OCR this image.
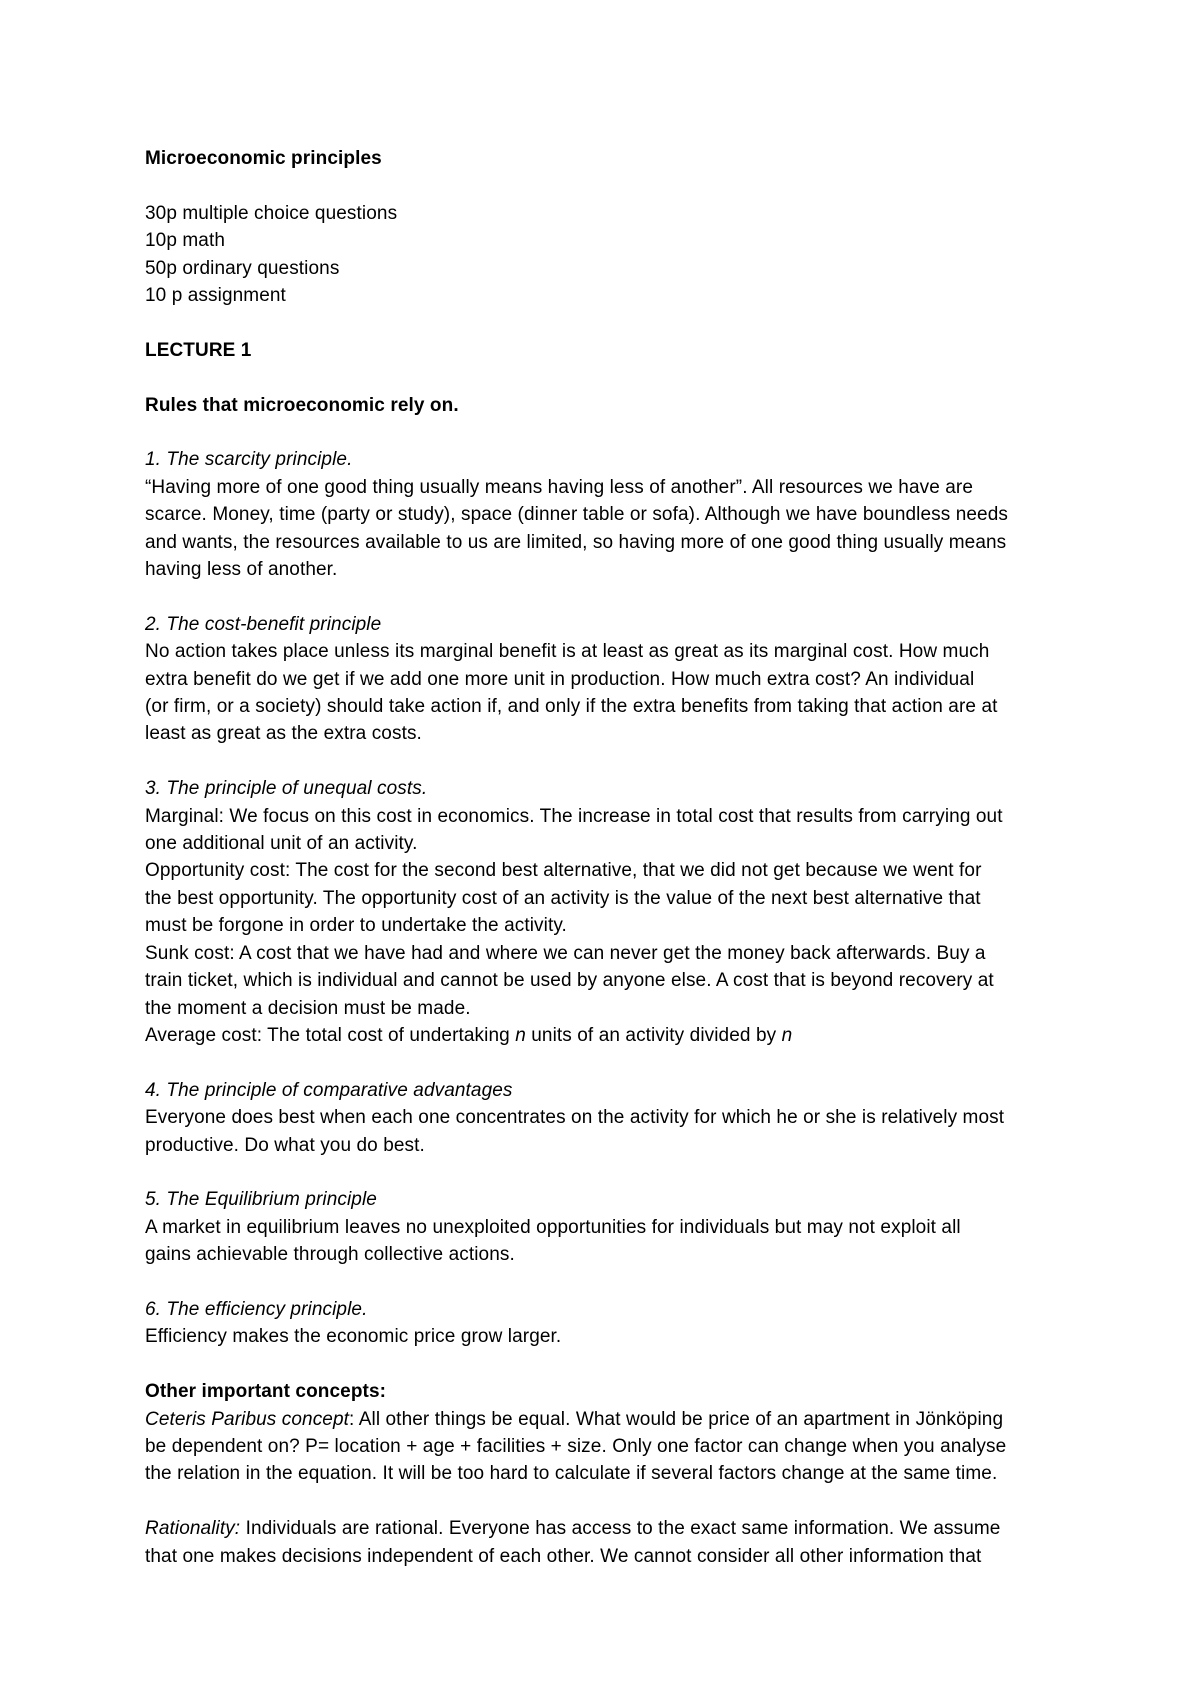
Microeconomic principles
30p multiple choice questions
10p math
50p ordinary questions
10 p assignment
LECTURE 1
Rules that microeconomic rely on.
1. The scarcity principle.
“Having more of one good thing usually means having less of another”. All resources we have are
scarce. Money, time (party or study), space (dinner table or sofa). Although we have boundless needs
and wants, the resources available to us are limited, so having more of one good thing usually means
having less of another.
2. The cost-benefit principle
No action takes place unless its marginal benefit is at least as great as its marginal cost. How much
extra benefit do we get if we add one more unit in production. How much extra cost? An individual
(or firm, or a society) should take action if, and only if the extra benefits from taking that action are at
least as great as the extra costs.
3. The principle of unequal costs.
Marginal: We focus on this cost in economics. The increase in total cost that results from carrying out
one additional unit of an activity.
Opportunity cost: The cost for the second best alternative, that we did not get because we went for
the best opportunity. The opportunity cost of an activity is the value of the next best alternative that
must be forgone in order to undertake the activity.
Sunk cost: A cost that we have had and where we can never get the money back afterwards. Buy a
train ticket, which is individual and cannot be used by anyone else. A cost that is beyond recovery at
the moment a decision must be made.
Average cost: The total cost of undertaking n units of an activity divided by n
4. The principle of comparative advantages
Everyone does best when each one concentrates on the activity for which he or she is relatively most
productive. Do what you do best.
5. The Equilibrium principle
A market in equilibrium leaves no unexploited opportunities for individuals but may not exploit all
gains achievable through collective actions.
6. The efficiency principle.
Efficiency makes the economic price grow larger.
Other important concepts:
Ceteris Paribus concept: All other things be equal. What would be price of an apartment in Jönköping
be dependent on? P= location + age + facilities + size. Only one factor can change when you analyse
the relation in the equation. It will be too hard to calculate if several factors change at the same time.
Rationality: Individuals are rational. Everyone has access to the exact same information. We assume
that one makes decisions independent of each other. We cannot consider all other information that
